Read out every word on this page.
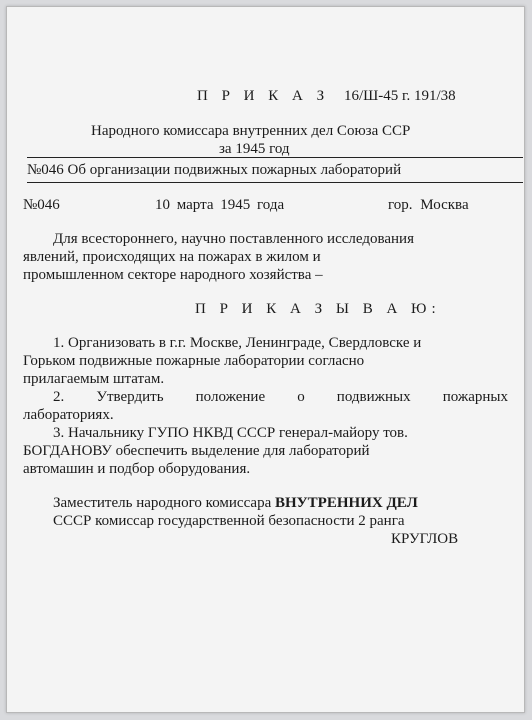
П Р И К А З 16/Ш-45 г. 191/38
Народного комиссара внутренних дел Союза ССР
за 1945 год
№046 Об организации подвижных пожарных лабораторий
№046	10 марта 1945 года	гор. Москва
Для всестороннего, научно поставленного исследования
явлений, происходящих на пожарах в жилом и
промышленном секторе народного хозяйства –
П Р И К А З Ы В А Ю:
1. Организовать в г.г. Москве, Ленинграде, Свердловске и
Горьком подвижные пожарные лаборатории согласно
прилагаемым штатам.
2. Утвердить положение о подвижных пожарных
лабораториях.
3. Начальнику ГУПО НКВД СССР генерал-майору тов.
БОГДАНОВУ обеспечить выделение для лабораторий
автомашин и подбор оборудования.
Заместитель народного комиссара ВНУТРЕННИХ ДЕЛ
СССР комиссар государственной безопасности 2 ранга
КРУГЛОВ
